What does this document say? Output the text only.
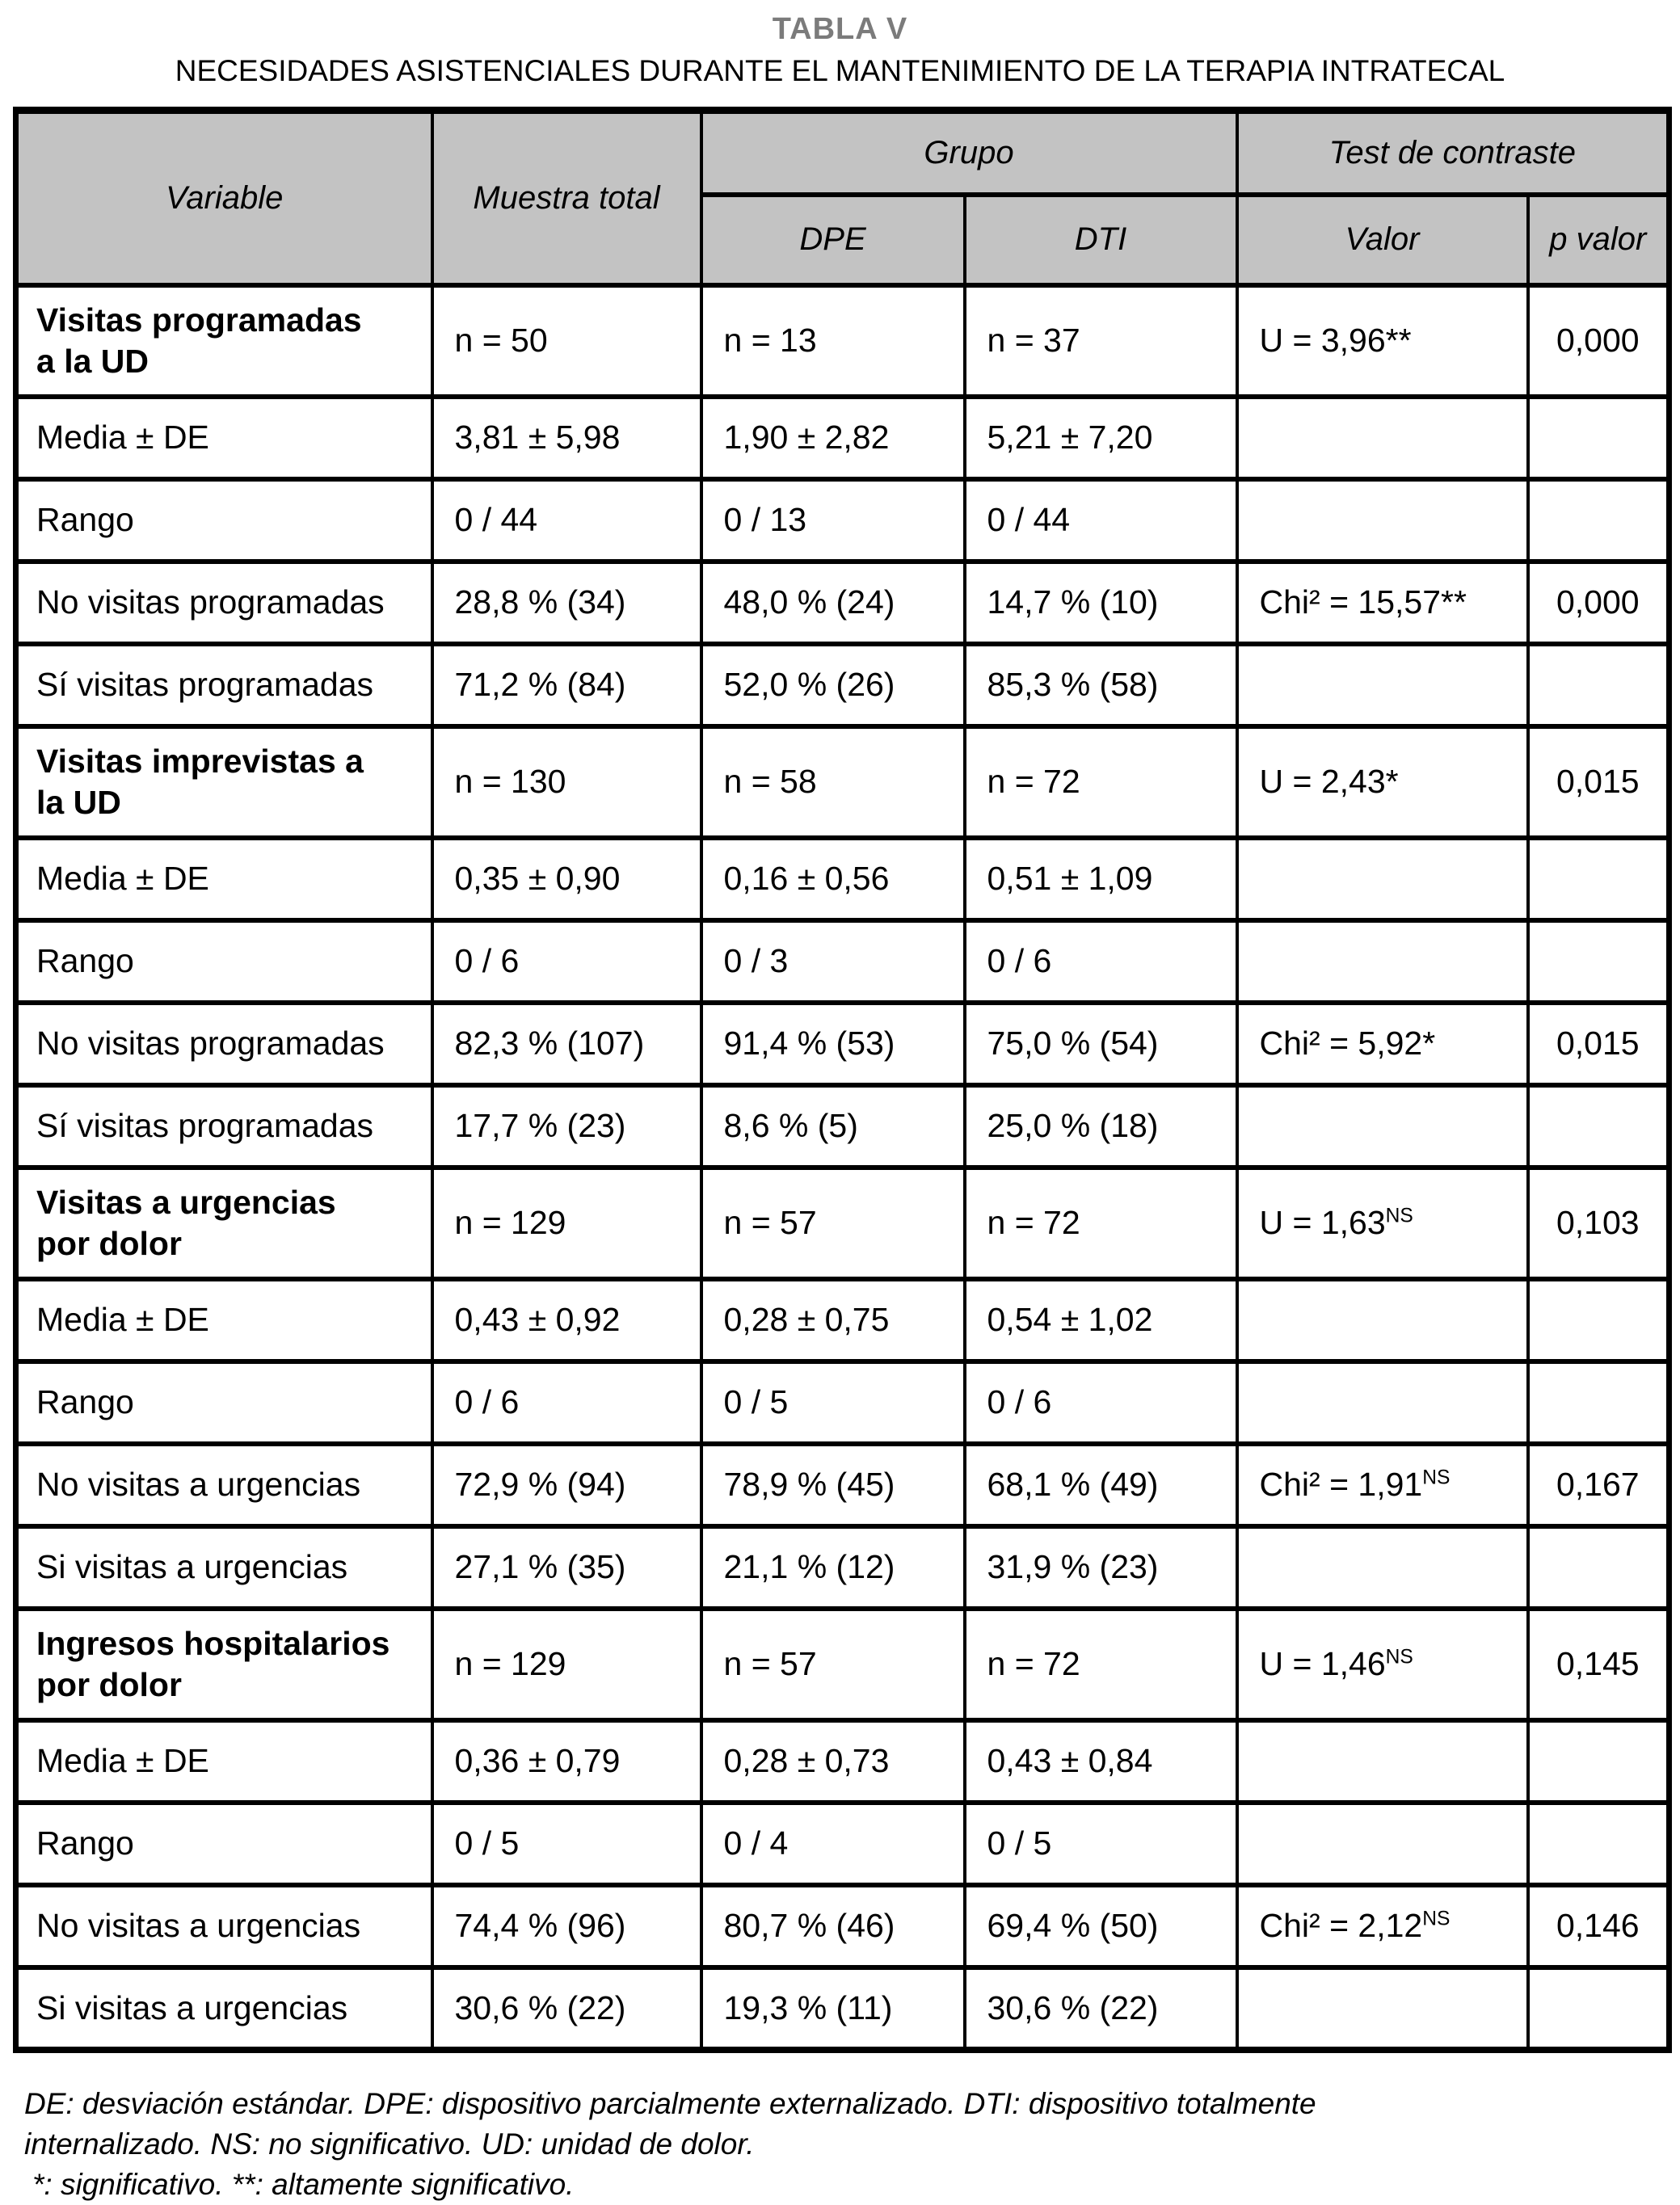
TABLA V
NECESIDADES ASISTENCIALES DURANTE EL MANTENIMIENTO DE LA TERAPIA INTRATECAL
Variable	Muestra total	Grupo		Test de contraste	
		DPE	DTI	Valor	p valor
Visitas programadas
a la UD	n = 50	n = 13	n = 37	U = 3,96**	0,000
Media ± DE	3,81 ± 5,98	1,90 ± 2,82	5,21 ± 7,20		
Rango	0 / 44	0 / 13	0 / 44		
No visitas programadas	28,8 % (34)	48,0 % (24)	14,7 % (10)	Chi² = 15,57**	0,000
Sí visitas programadas	71,2 % (84)	52,0 % (26)	85,3 % (58)		
Visitas imprevistas a
la UD	n = 130	n = 58	n = 72	U = 2,43*	0,015
Media ± DE	0,35 ± 0,90	0,16 ± 0,56	0,51 ± 1,09		
Rango	0 / 6	0 / 3	0 / 6		
No visitas programadas	82,3 % (107)	91,4 % (53)	75,0 % (54)	Chi² = 5,92*	0,015
Sí visitas programadas	17,7 % (23)	8,6 % (5)	25,0 % (18)		
Visitas a urgencias
por dolor	n = 129	n = 57	n = 72	$U = 1,63^{NS}$	0,103
Media ± DE	0,43 ± 0,92	0,28 ± 0,75	0,54 ± 1,02		
Rango	0 / 6	0 / 5	0 / 6		
No visitas a urgencias	72,9 % (94)	78,9 % (45)	68,1 % (49)	$Chi^2 = 1,91^{NS}$	0,167
Si visitas a urgencias	27,1 % (35)	21,1 % (12)	31,9 % (23)		
Ingresos hospitalarios
por dolor	n = 129	n = 57	n = 72	$U = 1,46^{NS}$	0,145
Media ± DE	0,36 ± 0,79	0,28 ± 0,73	0,43 ± 0,84		
Rango	0 / 5	0 / 4	0 / 5		
No visitas a urgencias	74,4 % (96)	80,7 % (46)	69,4 % (50)	$Chi^2 = 2,12^{NS}$	0,146
Si visitas a urgencias	30,6 % (22)	19,3 % (11)	30,6 % (22)		
DE: desviación estándar. DPE: dispositivo parcialmente externalizado. DTI: dispositivo totalmente
internalizado. NS: no significativo. UD: unidad de dolor.
*: significativo. **: altamente significativo.
